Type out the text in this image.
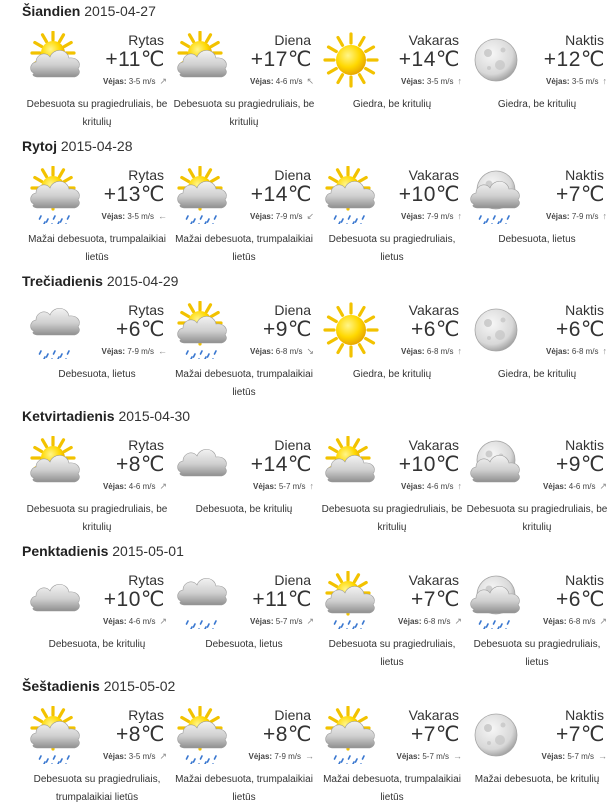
Šiandien 2015-04-27
Rytas
+11℃
Vėjas: 3-5 m/s ↗
Debesuota su pragiedruliais, be kritulių
Diena
+17℃
Vėjas: 4-6 m/s ↖
Debesuota su pragiedruliais, be kritulių
Vakaras
+14℃
Vėjas: 3-5 m/s ↑
Giedra, be kritulių
Naktis
+12℃
Vėjas: 3-5 m/s ↑
Giedra, be kritulių
Rytoj 2015-04-28
Rytas
+13℃
Vėjas: 3-5 m/s ←
Mažai debesuota, trumpalaikiai lietūs
Diena
+14℃
Vėjas: 7-9 m/s ↙
Mažai debesuota, trumpalaikiai lietūs
Vakaras
+10℃
Vėjas: 7-9 m/s ↑
Debesuota su pragiedruliais, lietus
Naktis
+7℃
Vėjas: 7-9 m/s ↑
Debesuota, lietus
Trečiadienis 2015-04-29
Rytas
+6℃
Vėjas: 7-9 m/s ←
Debesuota, lietus
Diena
+9℃
Vėjas: 6-8 m/s ↘
Mažai debesuota, trumpalaikiai lietūs
Vakaras
+6℃
Vėjas: 6-8 m/s ↑
Giedra, be kritulių
Naktis
+6℃
Vėjas: 6-8 m/s ↑
Giedra, be kritulių
Ketvirtadienis 2015-04-30
Rytas
+8℃
Vėjas: 4-6 m/s ↗
Debesuota su pragiedruliais, be kritulių
Diena
+14℃
Vėjas: 5-7 m/s ↑
Debesuota, be kritulių
Vakaras
+10℃
Vėjas: 4-6 m/s ↑
Debesuota su pragiedruliais, be kritulių
Naktis
+9℃
Vėjas: 4-6 m/s ↗
Debesuota su pragiedruliais, be kritulių
Penktadienis 2015-05-01
Rytas
+10℃
Vėjas: 4-6 m/s ↗
Debesuota, be kritulių
Diena
+11℃
Vėjas: 5-7 m/s ↗
Debesuota, lietus
Vakaras
+7℃
Vėjas: 6-8 m/s ↗
Debesuota su pragiedruliais, lietus
Naktis
+6℃
Vėjas: 6-8 m/s ↗
Debesuota su pragiedruliais, lietus
Šeštadienis 2015-05-02
Rytas
+8℃
Vėjas: 3-5 m/s ↗
Debesuota su pragiedruliais, trumpalaikiai lietūs
Diena
+8℃
Vėjas: 7-9 m/s →
Mažai debesuota, trumpalaikiai lietūs
Vakaras
+7℃
Vėjas: 5-7 m/s →
Mažai debesuota, trumpalaikiai lietūs
Naktis
+7℃
Vėjas: 5-7 m/s →
Mažai debesuota, be kritulių
